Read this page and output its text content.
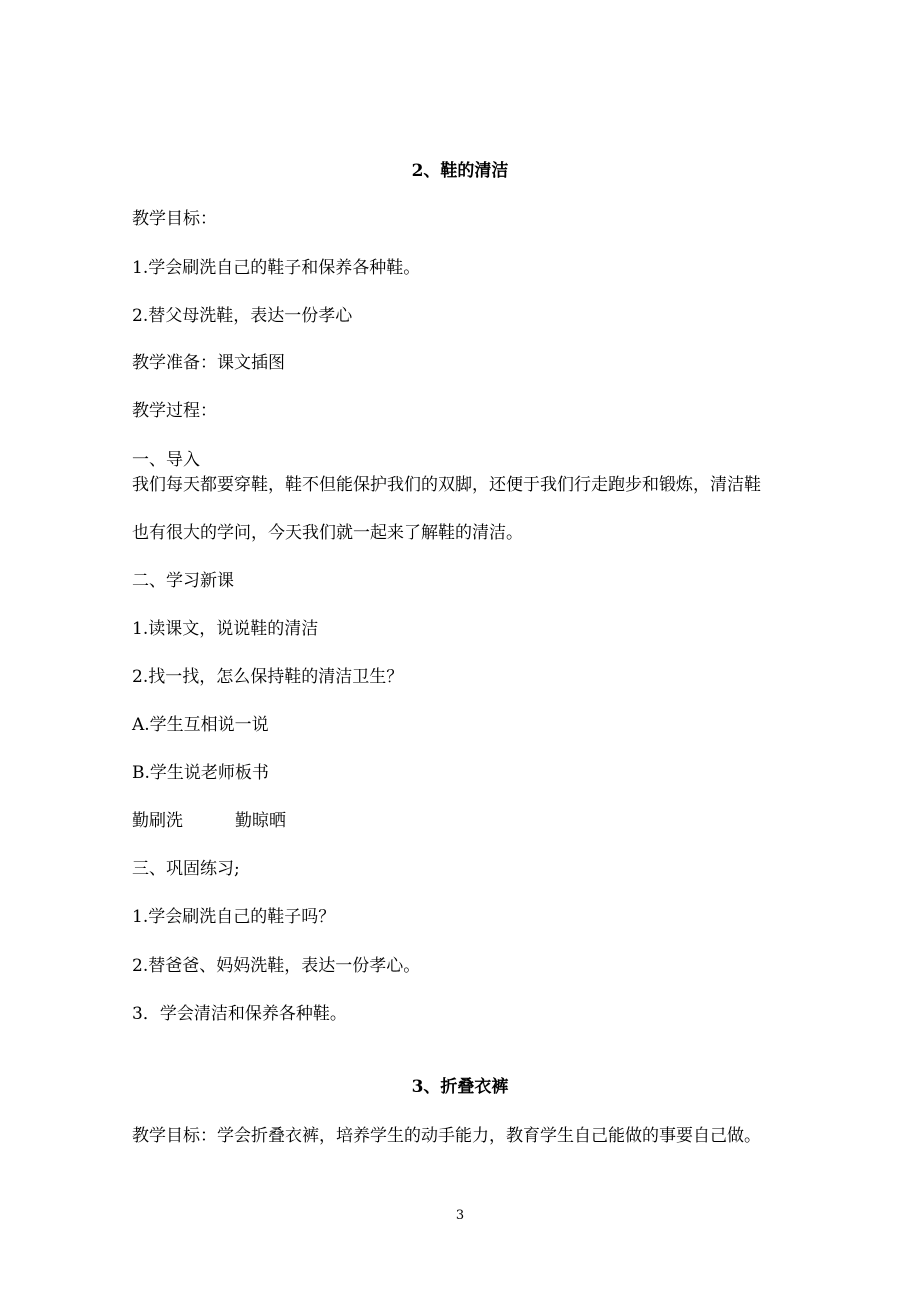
2、鞋的清洁
教学目标：
1.学会刷洗自己的鞋子和保养各种鞋。
2.替父母洗鞋，表达一份孝心
教学准备：课文插图
教学过程：
一、导入
我们每天都要穿鞋，鞋不但能保护我们的双脚，还便于我们行走跑步和锻炼，清洁鞋
也有很大的学问，今天我们就一起来了解鞋的清洁。
二、学习新课
1.读课文，说说鞋的清洁
2.找一找，怎么保持鞋的清洁卫生？
A.学生互相说一说
B.学生说老师板书
勤刷洗	勤晾晒
三、巩固练习;
1.学会刷洗自己的鞋子吗？
2.替爸爸、妈妈洗鞋，表达一份孝心。
3．学会清洁和保养各种鞋。
3、折叠衣裤
教学目标：学会折叠衣裤，培养学生的动手能力，教育学生自己能做的事要自己做。
3
